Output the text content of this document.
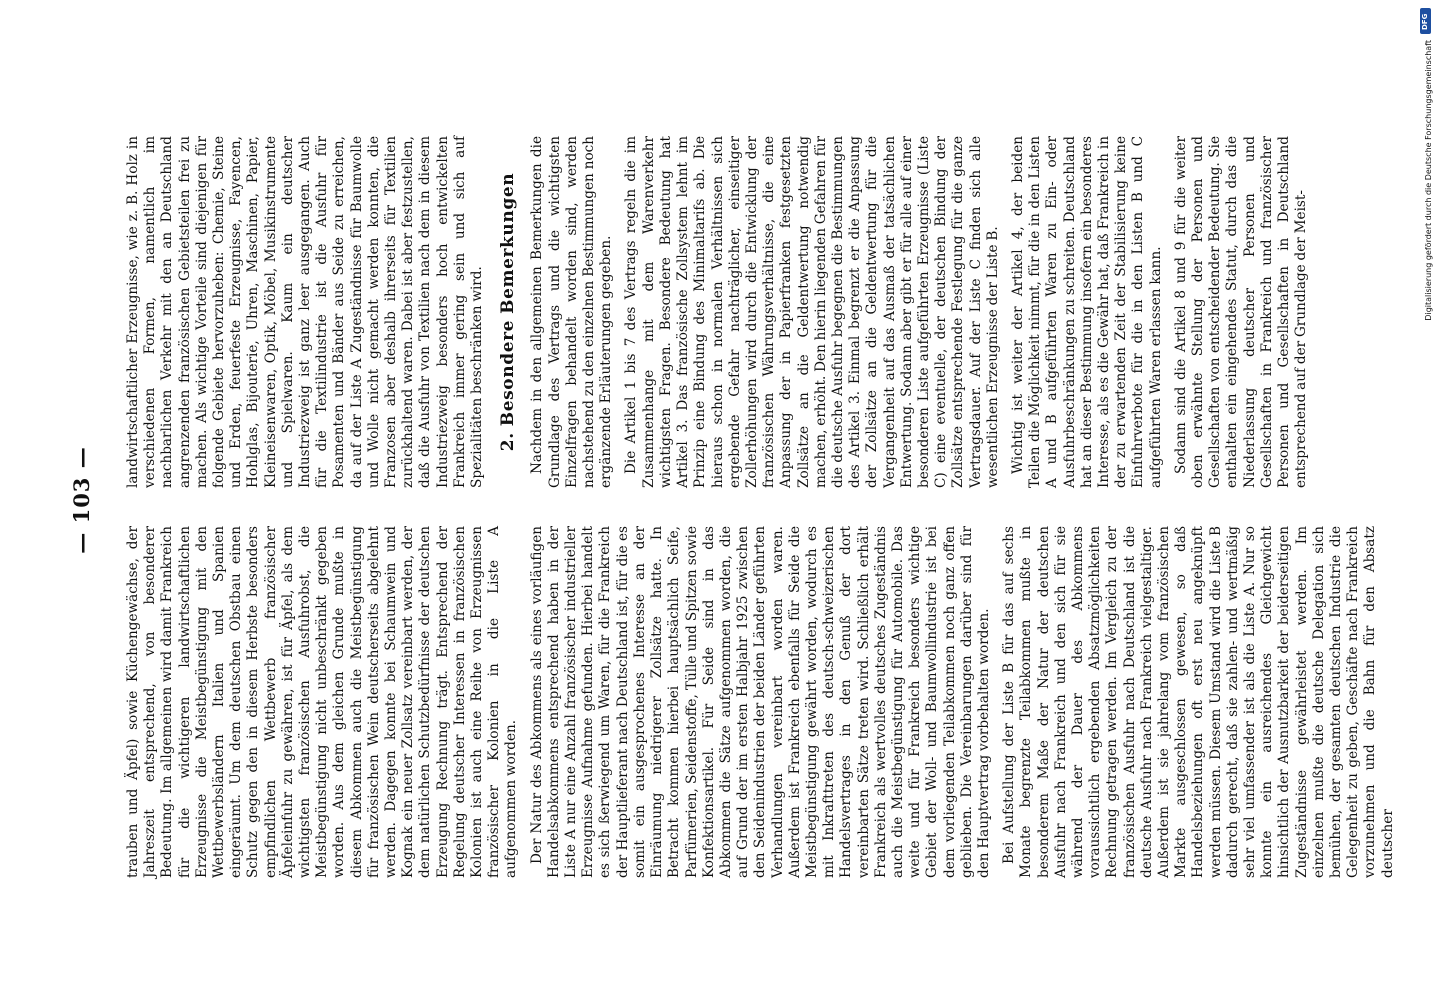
— 103 —

trauben und Äpfel) sowie Küchengewächse, der Jahreszeit entsprechend, von besonderer Bedeutung. Im allgemeinen wird damit Frankreich für die wichtigeren landwirtschaftlichen Erzeugnisse die Meistbegünstigung mit den Wettbewerbsländern Italien und Spanien eingeräumt. Um dem deutschen Obstbau einen Schutz gegen den in diesem Herbste besonders empfindlichen Wettbewerb französischer Äpfeleinfuhr zu gewähren, ist für Äpfel, als dem wichtigsten französischen Ausfuhrobst, die Meistbegünstigung nicht unbeschränkt gegeben worden. Aus dem gleichen Grunde mußte in diesem Abkommen auch die Meistbegünstigung für französischen Wein deutscherseits abgelehnt werden. Dagegen konnte bei Schaumwein und Kognak ein neuer Zollsatz vereinbart werden, der dem natürlichen Schutzbedürfnisse der deutschen Erzeugung Rechnung trägt. Entsprechend der Regelung deutscher Interessen in französischen Kolonien ist auch eine Reihe von Erzeugnissen französischer Kolonien in die Liste A aufgenommen worden. Der Natur des Abkommens als eines vorläufigen Handelsabkommens entsprechend haben in der Liste A nur eine Anzahl französischer industrieller Erzeugnisse Aufnahme gefunden. Hierbei handelt es sich ßerwiegend um Waren, für die Frankreich der Hauptlieferant nach Deutschland ist, für die es somit ein ausgesprochenes Interesse an der Einräumung niedrigerer Zollsätze hatte. In Betracht kommen hierbei hauptsächlich Seife, Parfümerien, Seidenstoffe, Tülle und Spitzen sowie Konfektionsartikel. Für Seide sind in das Abkommen die Sätze aufgenommen worden, die auf Grund der im ersten Halbjahr 1925 zwischen den Seidenindustrien der beiden Länder geführten Verhandlungen vereinbart worden waren. Außerdem ist Frankreich ebenfalls für Seide die Meistbegünstigung gewährt worden, wodurch es mit Inkrafttreten des deutsch-schweizerischen Handelsvertrages in den Genuß der dort vereinbarten Sätze treten wird. Schließlich erhält Frankreich als wertvolles deutsches Zugeständnis auch die Meistbegünstigung für Automobile. Das weite und für Frankreich besonders wichtige Gebiet der Woll- und Baumwollindustrie ist bei dem vorliegenden Teilabkommen noch ganz offen geblieben. Die Vereinbarungen darüber sind für den Hauptvertrag vorbehalten worden. Bei Aufstellung der Liste B für das auf sechs Monate begrenzte Teilabkommen mußte in besonderem Maße der Natur der deutschen Ausfuhr nach Frankreich und den sich für sie während der Dauer des Abkommens voraussichtlich ergebenden Absatzmöglichkeiten Rechnung getragen werden. Im Vergleich zu der französischen Ausfuhr nach Deutschland ist die deutsche Ausfuhr nach Frankreich vielgestaltiger. Außerdem ist sie jahrelang vom französischen Markte ausgeschlossen gewesen, so daß Handelsbeziehungen oft erst neu angeknüpft werden müssen. Diesem Umstand wird die Liste B dadurch gerecht, daß sie zahlen- und wertmäßig sehr viel umfassender ist als die Liste A. Nur so konnte ein ausreichendes Gleichgewicht hinsichtlich der Ausnutzbarkeit der beiderseitigen Zugeständnisse gewährleistet werden. Im einzelnen mußte die deutsche Delegation sich bemühen, der gesamten deutschen Industrie die Gelegenheit zu geben, Geschäfte nach Frankreich vorzunehmen und die Bahn für den Absatz deutscher

landwirtschaftlicher Erzeugnisse, wie z. B. Holz in verschiedenen Formen, namentlich im nachbarlichen Verkehr mit den an Deutschland angrenzenden französischen Gebietsteilen frei zu machen. Als wichtige Vorteile sind diejenigen für folgende Gebiete hervorzuheben: Chemie, Steine und Erden, feuerfeste Erzeugnisse, Fayencen, Hohlglas, Bijouterie, Uhren, Maschinen, Papier, Kleineisenwaren, Optik, Möbel, Musikinstrumente und Spielwaren. Kaum ein deutscher Industriezweig ist ganz leer ausgegangen. Auch für die Textilindustrie ist die Ausfuhr für Posamenten und Bänder aus Seide zu erreichen, da auf der Liste A Zugeständnisse für Baumwolle und Wolle nicht gemacht werden konnten, die Franzosen aber deshalb ihrerseits für Textilien zurückhaltend waren. Dabei ist aber festzustellen, daß die Ausfuhr von Textilien nach dem in diesem Industriezweig besonders hoch entwickelten Frankreich immer gering sein und sich auf Spezialitäten beschränken wird. 2. Besondere Bemerkungen Nachdem in den allgemeinen Bemerkungen die Grundlage des Vertrags und die wichtigsten Einzelfragen behandelt worden sind, werden nachstehend zu den einzelnen Bestimmungen noch ergänzende Erläuterungen gegeben. Die Artikel 1 bis 7 des Vertrags regeln die im Zusammenhange mit dem Warenverkehr wichtigsten Fragen. Besondere Bedeutung hat Artikel 3. Das französische Zollsystem lehnt im Prinzip eine Bindung des Minimaltarifs ab. Die hieraus schon in normalen Verhältnissen sich ergebende Gefahr nachträglicher, einseitiger Zollerhöhungen wird durch die Entwicklung der französischen Währungsverhältnisse, die eine Anpassung der in Papierfranken festgesetzten Zollsätze an die Geldentwertung notwendig machen, erhöht. Den hierin liegenden Gefahren für die deutsche Ausfuhr begegnen die Bestimmungen des Artikel 3. Einmal begrenzt er die Anpassung der Zollsätze an die Geldentwertung für die Vergangenheit auf das Ausmaß der tatsächlichen Entwertung. Sodann aber gibt er für alle auf einer besonderen Liste aufgeführten Erzeugnisse (Liste C) eine eventuelle, der deutschen Bindung der Zollsätze entsprechende Festlegung für die ganze Vertragsdauer. Auf der Liste C finden sich alle wesentlichen Erzeugnisse der Liste B. Wichtig ist weiter der Artikel 4, der beiden Teilen die Möglichkeit nimmt, für die in den Listen A und B aufgeführten Waren zu Ein- oder Ausfuhrbeschränkungen zu schreiten. Deutschland hat an dieser Bestimmung insofern ein besonderes Interesse, als es die Gewähr hat, daß Frankreich in der zu erwartenden Zeit der Stabilisierung keine Einfuhrverbote für die in den Listen B und C aufgeführten Waren erlassen kann. Sodann sind die Artikel 8 und 9 für die weiter oben erwähnte Stellung der Personen und Gesellschaften von entscheidender Bedeutung. Sie enthalten ein eingehendes Statut, durch das die Niederlassung deutscher Personen und Gesellschaften in Frankreich und französischer Personen und Gesellschaften in Deutschland entsprechend auf der Grundlage der Meist-

DFG
Digitalisierung gefördert durch die Deutsche Forschungsgemeinschaft
